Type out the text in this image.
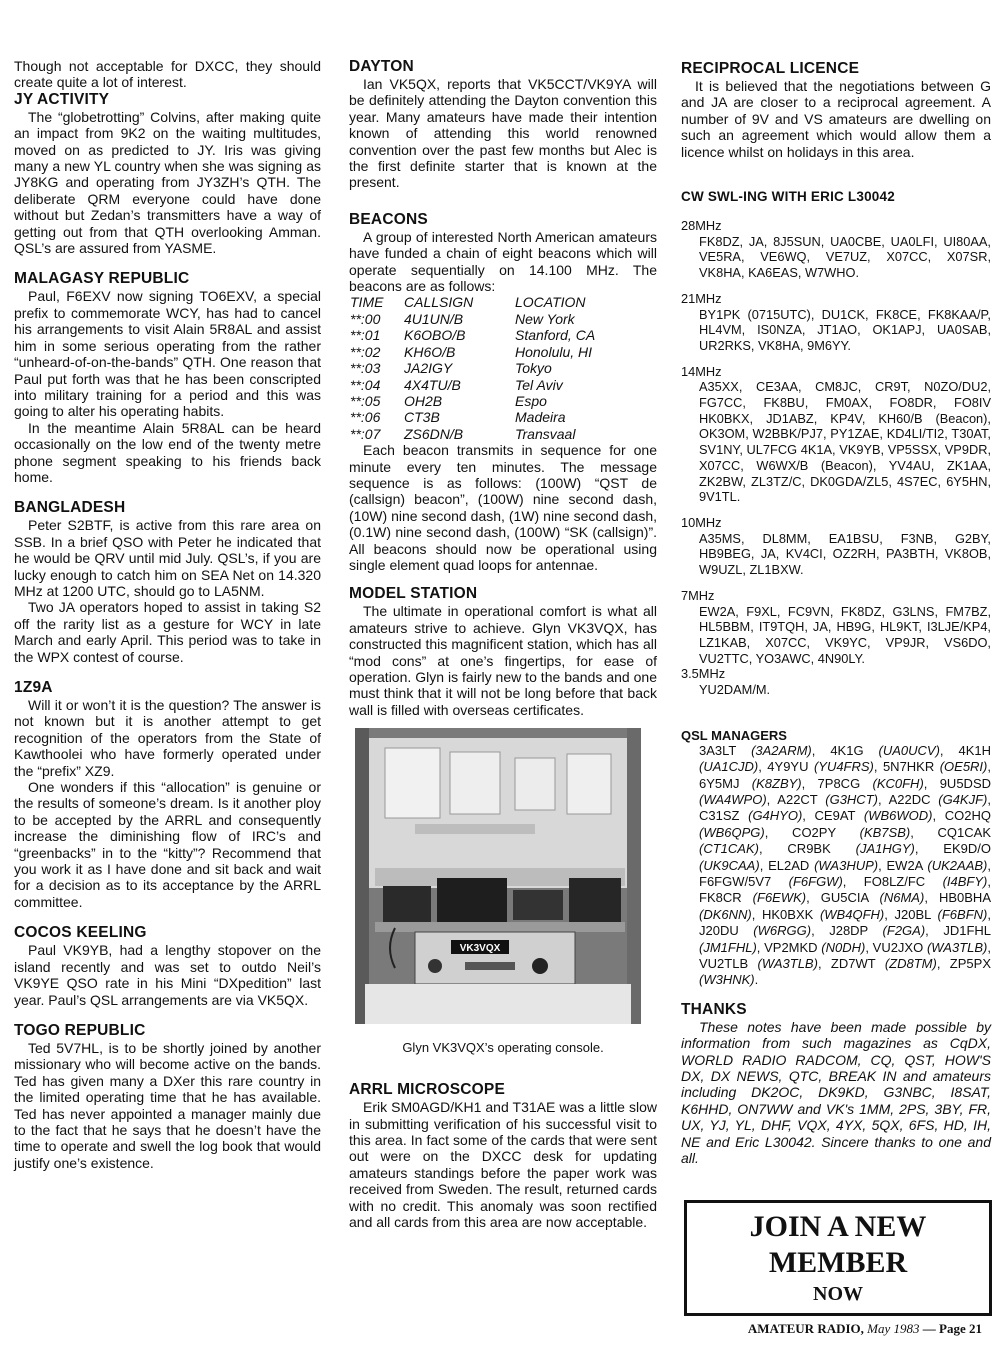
Though not acceptable for DXCC, they should create quite a lot of interest.

JY ACTIVITY

The “globetrotting” Colvins, after making quite an impact from 9K2 on the waiting multitudes, moved on as predicted to JY. Iris was giving many a new YL country when she was signing as JY8KG and operating from JY3ZH’s QTH. The deliberate QRM everyone could have done without but Zedan’s transmitters have a way of getting out from that QTH overlooking Amman. QSL’s are assured from YASME.

MALAGASY REPUBLIC

Paul, F6EXV now signing TO6EXV, a special prefix to commemorate WCY, has had to cancel his arrangements to visit Alain 5R8AL and assist him in some serious operating from the rather “unheard-of-on-the-bands” QTH. One reason that Paul put forth was that he has been conscripted into military training for a period and this was going to alter his operating habits.

In the meantime Alain 5R8AL can be heard occasionally on the low end of the twenty metre phone segment speaking to his friends back home.

BANGLADESH

Peter S2BTF, is active from this rare area on SSB. In a brief QSO with Peter he indicated that he would be QRV until mid July. QSL’s, if you are lucky enough to catch him on SEA Net on 14.320 MHz at 1200 UTC, should go to LA5NM.

Two JA operators hoped to assist in taking S2 off the rarity list as a gesture for WCY in late March and early April. This period was to take in the WPX contest of course.

1Z9A

Will it or won’t it is the question? The answer is not known but it is another attempt to get recognition of the operators from the State of Kawthoolei who have formerly operated under the “prefix” XZ9.

One wonders if this “allocation” is genuine or the results of someone’s dream. Is it another ploy to be accepted by the ARRL and consequently increase the diminishing flow of IRC’s and “greenbacks” in to the “kitty”? Recommend that you work it as I have done and sit back and wait for a decision as to its acceptance by the ARRL committee.

COCOS KEELING

Paul VK9YB, had a lengthy stopover on the island recently and was set to outdo Neil’s VK9YE QSO rate in his Mini “DXpedition” last year. Paul’s QSL arrangements are via VK5QX.

TOGO REPUBLIC

Ted 5V7HL, is to be shortly joined by another missionary who will become active on the bands. Ted has given many a DXer this rare country in the limited operating time that he has available. Ted has never appointed a manager mainly due to the fact that he says that he doesn’t have the time to operate and swell the log book that would justify one’s existence.

DAYTON

Ian VK5QX, reports that VK5CCT/VK9YA will be definitely attending the Dayton convention this year. Many amateurs have made their intention known of attending this world renowned convention over the past few months but Alec is the first definite starter that is known at the present.

BEACONS

A group of interested North American amateurs have funded a chain of eight beacons which will operate sequentially on 14.100 MHz. The beacons are as follows:

TIME	CALLSIGN	LOCATION
**:00	4U1UN/B	New York
**:01	K6OBO/B	Stanford, CA
**:02	KH6O/B	Honolulu, HI
**:03	JA2IGY	Tokyo
**:04	4X4TU/B	Tel Aviv
**:05	OH2B	Espo
**:06	CT3B	Madeira
**:07	ZS6DN/B	Transvaal

Each beacon transmits in sequence for one minute every ten minutes. The message sequence is as follows: (100W) “QST de (callsign) beacon”, (100W) nine second dash, (10W) nine second dash, (1W) nine second dash, (0.1W) nine second dash, (100W) “SK (callsign)”. All beacons should now be operational using single element quad loops for antennae.

MODEL STATION

The ultimate in operational comfort is what all amateurs strive to achieve. Glyn VK3VQX, has constructed this magnificent station, which has all “mod cons” at one’s fingertips, for ease of operation. Glyn is fairly new to the bands and one must think that it will not be long before that back wall is filled with overseas certificates.

VK3VQX
Glyn VK3VQX’s operating console.

ARRL MICROSCOPE

Erik SM0AGD/KH1 and T31AE was a little slow in submitting verification of his successful visit to this area. In fact some of the cards that were sent out were on the DXCC desk for updating amateurs standings before the paper work was received from Sweden. The result, returned cards with no credit. This anomaly was soon rectified and all cards from this area are now acceptable.

RECIPROCAL LICENCE

It is believed that the negotiations between G and JA are closer to a reciprocal agreement. A number of 9V and VS amateurs are dwelling on such an agreement which would allow them a licence whilst on holidays in this area.

CW SWL-ING WITH ERIC L30042

28MHz

FK8DZ, JA, 8J5SUN, UA0CBE, UA0LFI, UI80AA, VE5RA, VE6WQ, VE7UZ, X07CC, X07SR, VK8HA, KA6EAS, W7WHO.

21MHz

BY1PK (0715UTC), DU1CK, FK8CE, FK8KAA/P, HL4VM, IS0NZA, JT1AO, OK1APJ, UA0SAB, UR2RKS, VK8HA, 9M6YY.

14MHz

A35XX, CE3AA, CM8JC, CR9T, N0ZO/DU2, FG7CC, FK8BU, FM0AX, FO8DR, FO8IV HK0BKX, JD1ABZ, KP4V, KH60/B (Beacon), OK3OM, W2BBK/PJ7, PY1ZAE, KD4LI/TI2, T30AT, SV1NY, UL7FCG 4K1A, VK9YB, VP5SSX, VP9DR, X07CC, W6WX/B (Beacon), YV4AU, ZK1AA, ZK2BW, ZL3TZ/C, DK0GDA/ZL5, 4S7EC, 6Y5HN, 9V1TL.

10MHz

A35MS, DL8MM, EA1BSU, F3NB, G2BY, HB9BEG, JA, KV4CI, OZ2RH, PA3BTH, VK8OB, W9UZL, ZL1BXW.

7MHz

EW2A, F9XL, FC9VN, FK8DZ, G3LNS, FM7BZ, HL5BBM, IT9TQH, JA, HB9G, HL9KT, I3LJE/KP4, LZ1KAB, X07CC, VK9YC, VP9JR, VS6DO, VU2TTC, YO3AWC, 4N90LY.

3.5MHz

YU2DAM/M.

QSL MANAGERS

3A3LT (3A2ARM), 4K1G (UA0UCV), 4K1H (UA1CJD), 4Y9YU (YU4FRS), 5N7HKR (OE5RI), 6Y5MJ (K8ZBY), 7P8CG (KC0FH), 9U5DSD (WA4WPO), A22CT (G3HCT), A22DC (G4KJF), C31SZ (G4HYO), CE9AT (WB6WOD), CO2HQ (WB6QPG), CO2PY (KB7SB), CQ1CAK (CT1CAK), CR9BK (JA1HGY), EK9D/O (UK9CAA), EL2AD (WA3HUP), EW2A (UK2AAB), F6FGW/5V7 (F6FGW), FO8LZ/FC (I4BFY), FK8CR (F6EWK), GU5CIA (N6MA), HB0BHA (DK6NN), HK0BXK (WB4QFH), J20BL (F6BFN), J20DU (W6RGG), J28DP (F2GA), JD1FHL (JM1FHL), VP2MKD (N0DH), VU2JXO (WA3TLB), VU2TLB (WA3TLB), ZD7WT (ZD8TM), ZP5PX (W3HNK).

THANKS

These notes have been made possible by information from such magazines as CqDX, WORLD RADIO RADCOM, CQ, QST, HOW'S DX, DX NEWS, QTC, BREAK IN and amateurs including DK2OC, DK9KD, G3NBC, I8SAT, K6HHD, ON7WW and VK's 1MM, 2PS, 3BY, FR, UX, YJ, YL, DHF, VQX, 4YX, 5QX, 6FS, HD, IH, NE and Eric L30042. Sincere thanks to one and all.

JOIN A NEW
MEMBER
NOW
AMATEUR RADIO, May 1983 — Page 21
